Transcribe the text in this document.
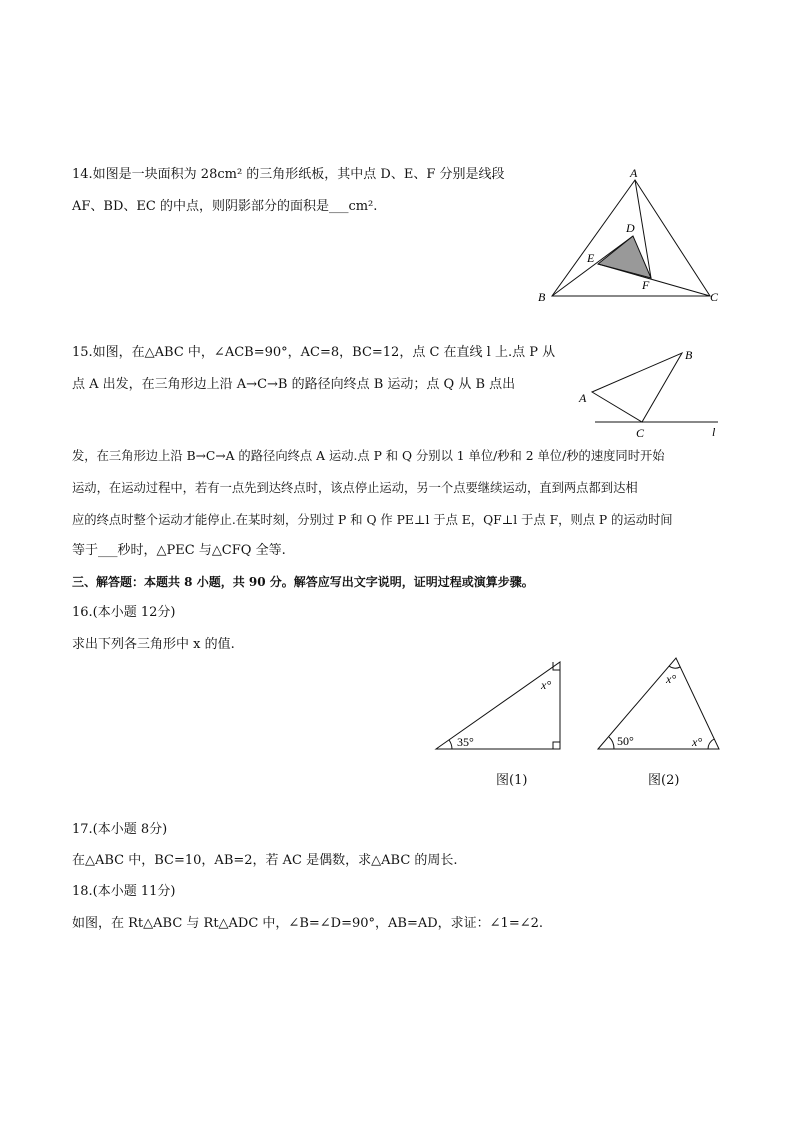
14.如图是一块面积为 28cm² 的三角形纸板，其中点 D、E、F 分别是线段
AF、BD、EC 的中点，则阴影部分的面积是___cm².
A
D
E
F
B	C
15.如图，在△ABC 中，∠ACB=90°，AC=8，BC=12，点 C 在直线 l 上.点 P 从
点 A 出发，在三角形边上沿 A→C→B 的路径向终点 B 运动；点 Q 从 B 点出
B
A
C	l
发，在三角形边上沿 B→C→A 的路径向终点 A 运动.点 P 和 Q 分别以 1 单位/秒和 2 单位/秒的速度同时开始
运动，在运动过程中，若有一点先到达终点时，该点停止运动，另一个点要继续运动，直到两点都到达相
应的终点时整个运动才能停止.在某时刻，分别过 P 和 Q 作 PE⊥l 于点 E，QF⊥l 于点 F，则点 P 的运动时间
等于___秒时，△PEC 与△CFQ 全等.
三、解答题：本题共 8 小题，共 90 分。解答应写出文字说明，证明过程或演算步骤。
16.(本小题 12分)
求出下列各三角形中 x 的值.
35°
x°
图(1)
50°
x°
x°
图(2)
17.(本小题 8分)
在△ABC 中，BC=10，AB=2，若 AC 是偶数，求△ABC 的周长.
18.(本小题 11分)
如图，在 Rt△ABC 与 Rt△ADC 中，∠B=∠D=90°，AB=AD，求证：∠1=∠2.
